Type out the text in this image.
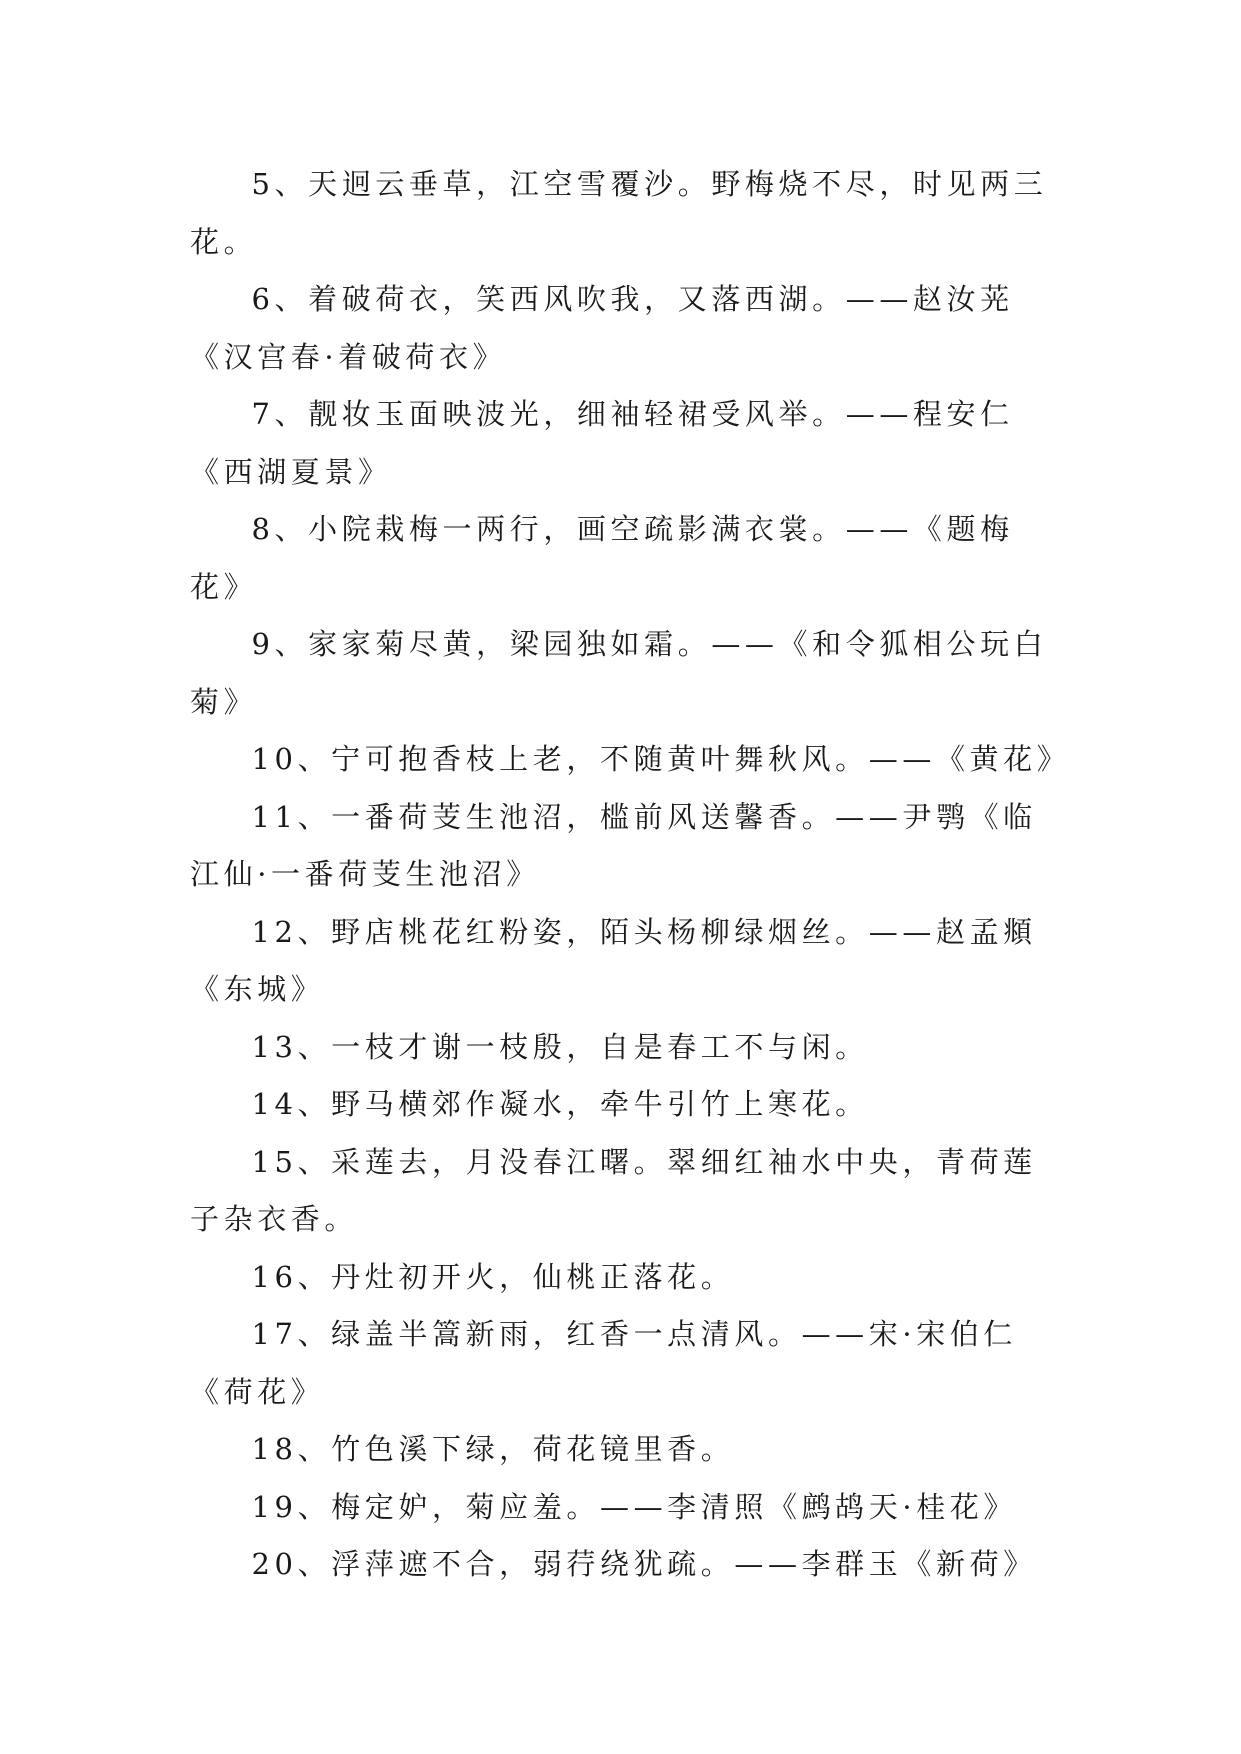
5、天迥云垂草，江空雪覆沙。野梅烧不尽，时见两三花。

6、着破荷衣，笑西风吹我，又落西湖。——赵汝茪《汉宫春·着破荷衣》

7、靓妆玉面映波光，细袖轻裙受风举。——程安仁《西湖夏景》

8、小院栽梅一两行，画空疏影满衣裳。——《题梅花》

9、家家菊尽黄，梁园独如霜。——《和令狐相公玩白菊》

10、宁可抱香枝上老，不随黄叶舞秋风。——《黄花》

11、一番荷芰生池沼，槛前风送馨香。——尹鹗《临江仙·一番荷芰生池沼》

12、野店桃花红粉姿，陌头杨柳绿烟丝。——赵孟頫《东城》

13、一枝才谢一枝殷，自是春工不与闲。

14、野马横郊作凝水，牵牛引竹上寒花。

15、采莲去，月没春江曙。翠细红袖水中央，青荷莲子杂衣香。

16、丹灶初开火，仙桃正落花。

17、绿盖半篙新雨，红香一点清风。——宋·宋伯仁《荷花》

18、竹色溪下绿，荷花镜里香。

19、梅定妒，菊应羞。——李清照《鹧鸪天·桂花》

20、浮萍遮不合，弱荇绕犹疏。——李群玉《新荷》
